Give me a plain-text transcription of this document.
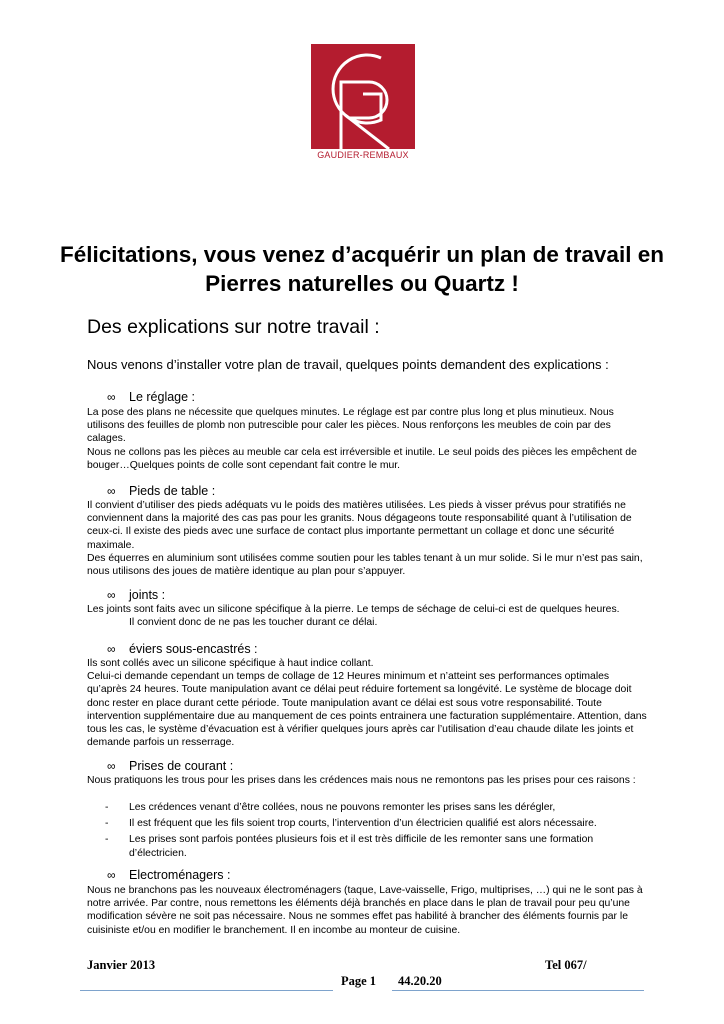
GAUDIER-REMBAUX
Félicitations, vous venez d’acquérir un plan de travail en Pierres naturelles ou Quartz !
Des explications sur notre travail :
Nous venons d’installer votre plan de travail, quelques points demandent des explications :
∞ Le réglage :

La pose des plans ne nécessite que quelques minutes. Le réglage est par contre plus long et plus minutieux. Nous utilisons des feuilles de plomb non putrescible pour caler les pièces. Nous renforçons les meubles de coin par des calages.

Nous ne collons pas les pièces au meuble car cela est irréversible et inutile. Le seul poids des pièces les empêchent de bouger…Quelques points de colle sont cependant fait contre le mur.

∞ Pieds de table :

Il convient d’utiliser des pieds adéquats vu le poids des matières utilisées. Les pieds à visser prévus pour stratifiés ne conviennent dans la majorité des cas pas pour les granits. Nous dégageons toute responsabilité quant à l’utilisation de ceux-ci. Il existe des pieds avec une surface de contact plus importante permettant un collage et donc une sécurité maximale.

Des équerres en aluminium sont utilisées comme soutien pour les tables tenant à un mur solide. Si le mur n’est pas sain, nous utilisons des joues de matière identique au plan pour s’appuyer.

∞ joints :

Les joints sont faits avec un silicone spécifique à la pierre. Le temps de séchage de celui-ci est de quelques heures.Il convient donc de ne pas les toucher durant ce délai.

∞ éviers sous-encastrés :

Ils sont collés avec un silicone spécifique à haut indice collant.

Celui-ci demande cependant un temps de collage de 12 Heures minimum et n’atteint ses performances optimales qu’après 24 heures. Toute manipulation avant ce délai peut réduire fortement sa longévité. Le système de blocage doit donc rester en place durant cette période. Toute manipulation avant ce délai est sous votre responsabilité. Toute intervention supplémentaire due au manquement de ces points entrainera une facturation supplémentaire. Attention, dans tous les cas, le système d’évacuation est à vérifier quelques jours après car l’utilisation d’eau chaude dilate les joints et demande parfois un resserrage.

∞ Prises de courant :

Nous pratiquons les trous pour les prises dans les crédences mais nous ne remontons pas les prises pour ces raisons :

- Les crédences venant d’être collées, nous ne pouvons remonter les prises sans les dérégler,
- Il est fréquent que les fils soient trop courts, l’intervention d’un électricien qualifié est alors nécessaire.
- Les prises sont parfois pontées plusieurs fois et il est très difficile de les remonter sans une formation d’électricien.
∞ Electroménagers :

Nous ne branchons pas les nouveaux électroménagers (taque, Lave-vaisselle, Frigo, multiprises, …) qui ne le sont pas à notre arrivée. Par contre, nous remettons les éléments déjà branchés en place dans le plan de travail pour peu qu’une modification sévère ne soit pas nécessaire. Nous ne sommes effet pas habilité à brancher des éléments fournis par le cuisiniste et/ou en modifier le branchement. Il en incombe au monteur de cuisine.

Janvier 2013	Tel 067/
Page 1 44.20.20
